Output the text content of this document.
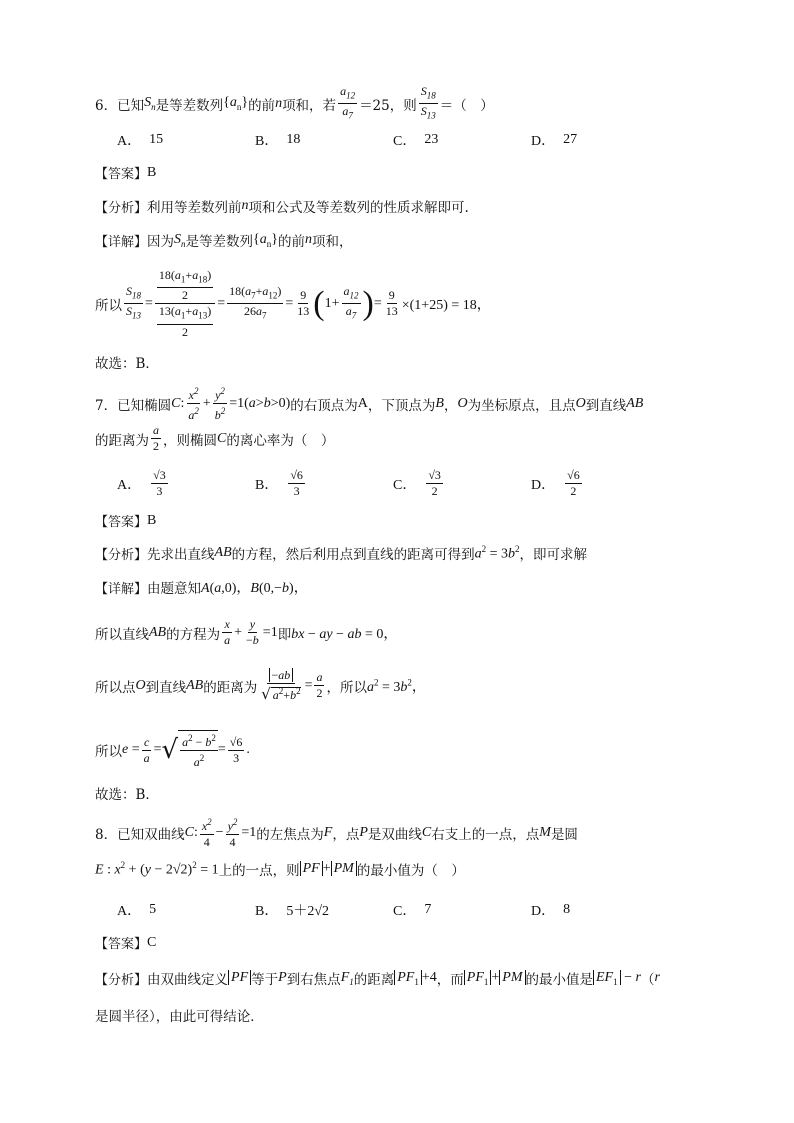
6．已知 $S_n$ 是等差数列 $\{a_n\}$ 的前 n 项和，若 $\frac{a_{12}}{a_7} =25$，则 $\frac{S_{18}}{S_{13}}$ ＝（　）
A． 15	B． 18	C． 23	D． 27
【答案】 B
【分析】 利用等差数列前 n 项和公式及等差数列的性质求解即可.
【详解】 因为 $S_n$ 是等差数列 $\{a_n\}$ 的前 n 项和，
所以 $\frac{S_{18}}{S_{13}} = \frac{\frac{18(a_1+a_{18})}{2}}{\frac{13(a_1+a_{13})}{2}} = \frac{18(a_7+a_{12})}{26a_7} = \frac{9}{13}$ ( $1+ \frac{a_{12}}{a_7}$ ) = $\frac{9}{13} \times(1+25) = 18$，
故选：B．
7．已知椭圆 C : $\frac{x^2}{a^2} + \frac{y^2}{b^2} =1(a>b>0)$ 的右顶点为 A ，下顶点为 B ， O 为坐标原点，且点 O 到直线 AB
的距离为 $\frac{a}{2}$ ，则椭圆 C 的离心率为（　）
A． $\frac{√3}{3}$	B． $\frac{√6}{3}$	C． $\frac{√3}{2}$	D． $\frac{√6}{2}$
【答案】 B
【分析】 先求出直线 AB 的方程，然后利用点到直线的距离可得到 $a^2 = 3b^2$ ，即可求解
【详解】 由题意知 A(a,0)，B(0,−b)，
所以直线 AB 的方程为 $\frac{x}{a} + \frac{y}{-b} =1$ 即 bx − ay − ab = 0，
所以点 O 到直线 AB 的距离为 $\frac{-ab}{√ a^2+b^2} = \frac{a}{2}$ ，所以 $a^2 = 3b^2$，
所以 $e = \frac{c}{a}$ = √ $\frac{a^2 - b^2}{a^2} = \frac{√6}{3}$ .
故选：B．
8．已知双曲线 C : $\frac{x^2}{4} - \frac{y^2}{4} =1$ 的左焦点为 F ，点 P 是双曲线 C 右支上的一点，点 M 是圆
E : $x^2 + (y - 2√2)^2 = 1$ 上的一点，则 PF + PM 的最小值为（　）
A． 5	B． 5＋2√2	C． 7	D． 8
【答案】 C
【分析】 由双曲线定义 PF 等于 P 到右焦点 $F_1$ 的距离 $PF_1 +4$ ，而 $PF_1$ + PM 的最小值是 $EF_1 - r$ （ r
是圆半径），由此可得结论．
